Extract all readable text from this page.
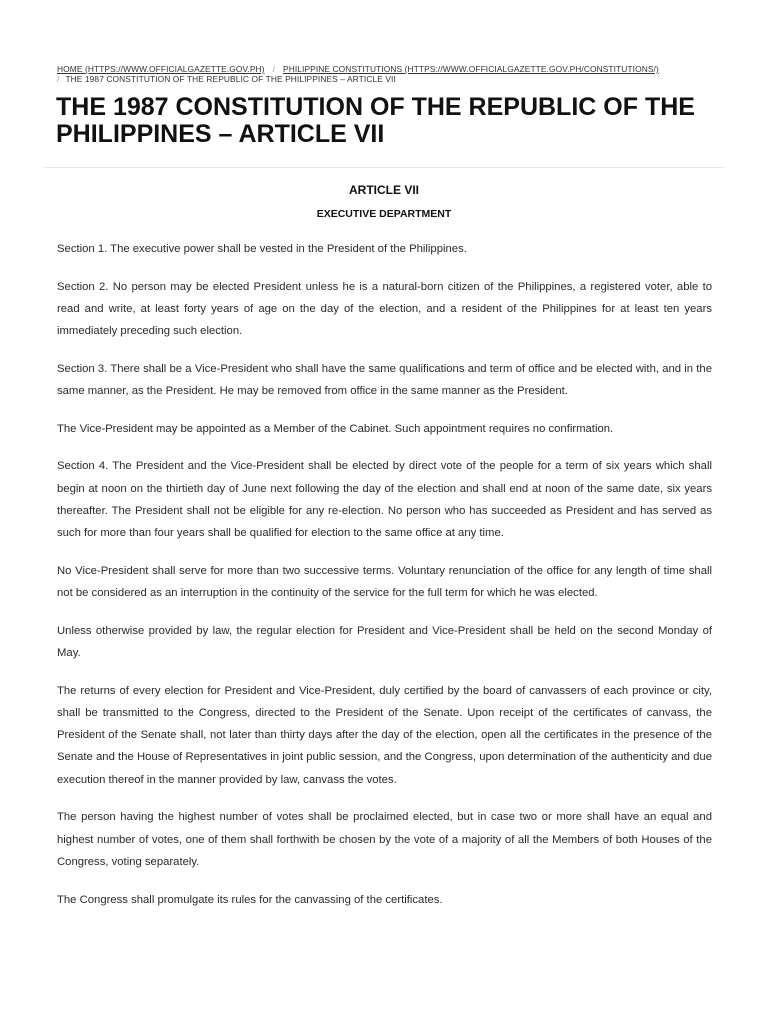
HOME (HTTPS://WWW.OFFICIALGAZETTE.GOV.PH) / PHILIPPINE CONSTITUTIONS (HTTPS://WWW.OFFICIALGAZETTE.GOV.PH/CONSTITUTIONS/)
/ THE 1987 CONSTITUTION OF THE REPUBLIC OF THE PHILIPPINES – ARTICLE VII
THE 1987 CONSTITUTION OF THE REPUBLIC OF THE PHILIPPINES – ARTICLE VII
ARTICLE VII
EXECUTIVE DEPARTMENT

Section 1. The executive power shall be vested in the President of the Philippines.

Section 2. No person may be elected President unless he is a natural-born citizen of the Philippines, a registered voter, able to read and write, at least forty years of age on the day of the election, and a resident of the Philippines for at least ten years immediately preceding such election.

Section 3. There shall be a Vice-President who shall have the same qualifications and term of office and be elected with, and in the same manner, as the President. He may be removed from office in the same manner as the President.

The Vice-President may be appointed as a Member of the Cabinet. Such appointment requires no confirmation.

Section 4. The President and the Vice-President shall be elected by direct vote of the people for a term of six years which shall begin at noon on the thirtieth day of June next following the day of the election and shall end at noon of the same date, six years thereafter. The President shall not be eligible for any re-election. No person who has succeeded as President and has served as such for more than four years shall be qualified for election to the same office at any time.

No Vice-President shall serve for more than two successive terms. Voluntary renunciation of the office for any length of time shall not be considered as an interruption in the continuity of the service for the full term for which he was elected.

Unless otherwise provided by law, the regular election for President and Vice-President shall be held on the second Monday of May.

The returns of every election for President and Vice-President, duly certified by the board of canvassers of each province or city, shall be transmitted to the Congress, directed to the President of the Senate. Upon receipt of the certificates of canvass, the President of the Senate shall, not later than thirty days after the day of the election, open all the certificates in the presence of the Senate and the House of Representatives in joint public session, and the Congress, upon determination of the authenticity and due execution thereof in the manner provided by law, canvass the votes.

The person having the highest number of votes shall be proclaimed elected, but in case two or more shall have an equal and highest number of votes, one of them shall forthwith be chosen by the vote of a majority of all the Members of both Houses of the Congress, voting separately.

The Congress shall promulgate its rules for the canvassing of the certificates.
